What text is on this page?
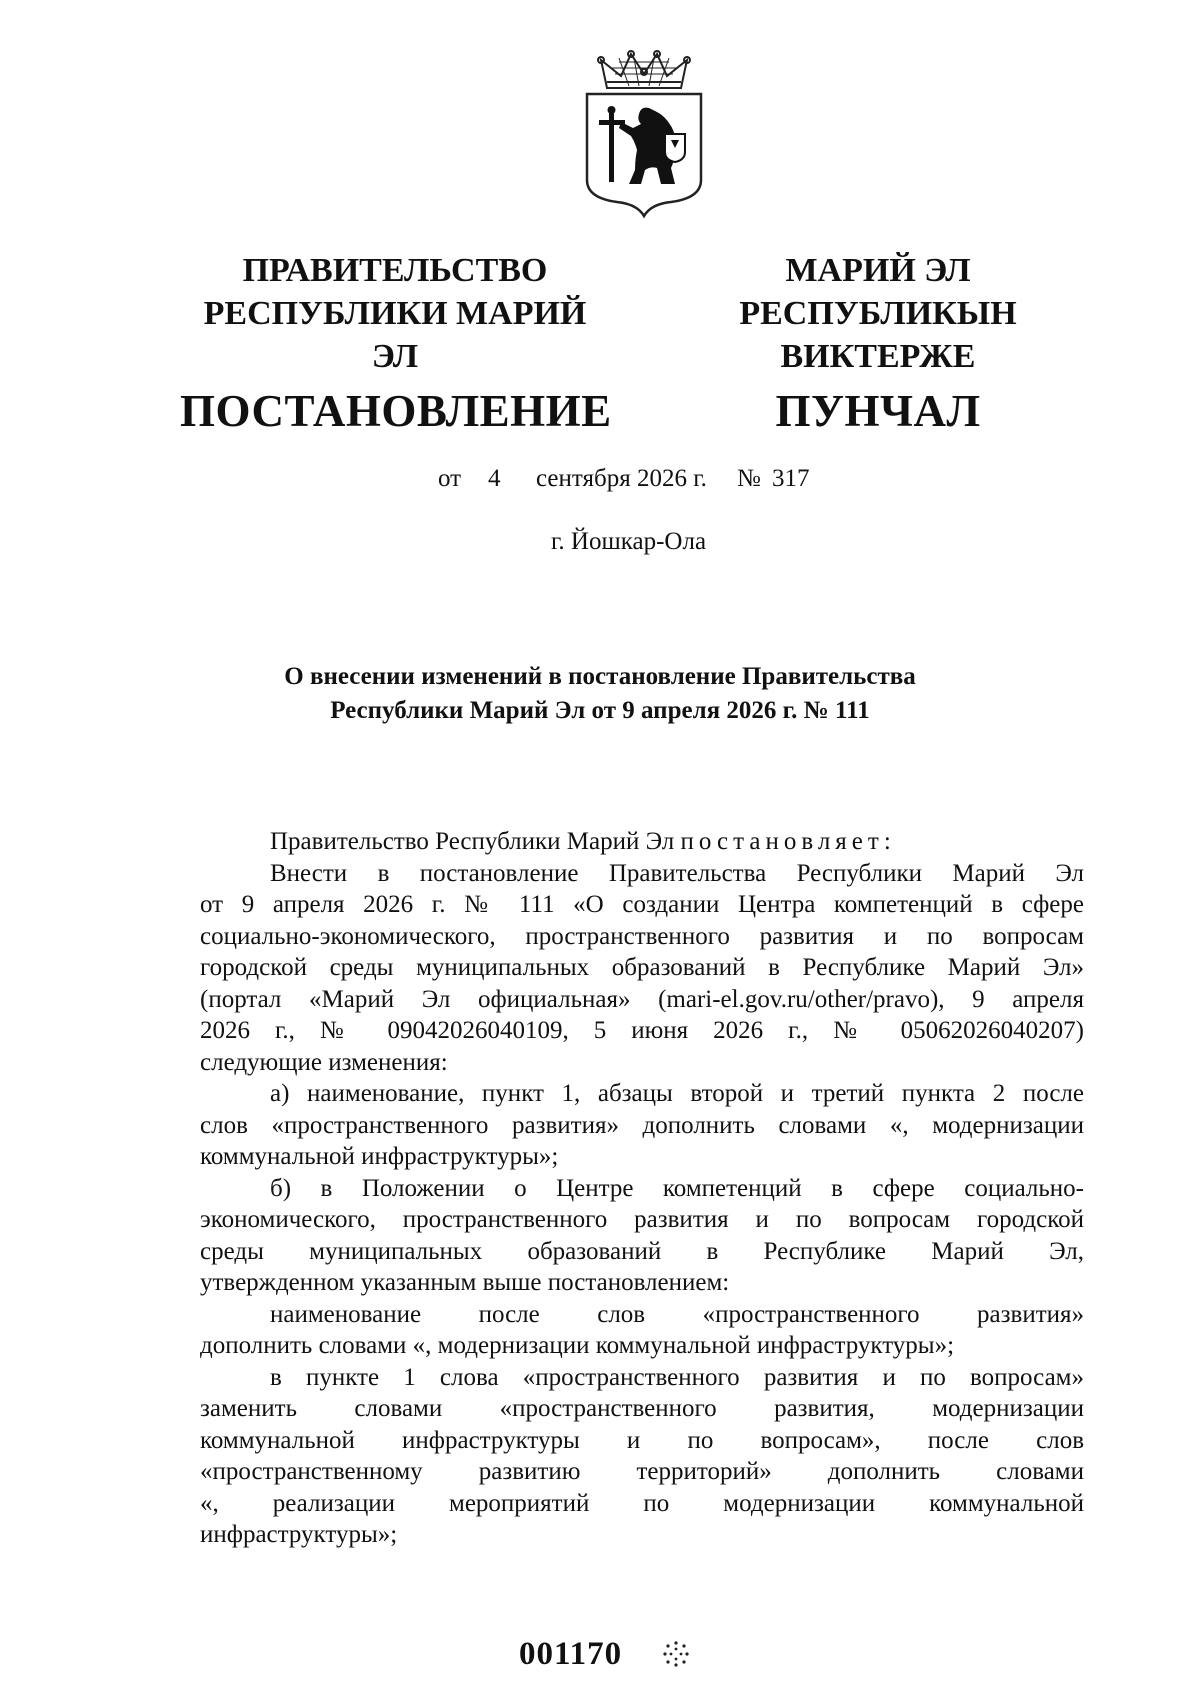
ПРАВИТЕЛЬСТВО
РЕСПУБЛИКИ МАРИЙ ЭЛ
ПОСТАНОВЛЕНИЕ
МАРИЙ ЭЛ РЕСПУБЛИКЫН
ВИКТЕРЖЕ
ПУНЧАЛ
от 4 сентября 2026 г. № 317
г. Йошкар-Ола
О внесении изменений в постановление Правительства
Республики Марий Эл от 9 апреля 2026 г. № 111

Правительство Республики Марий Эл постановляет:

Внести в постановление Правительства Республики Марий Эл

от 9 апреля 2026 г. № 111 «О создании Центра компетенций в сфере

социально-экономического, пространственного развития и по вопросам

городской среды муниципальных образований в Республике Марий Эл»

(портал «Марий Эл официальная» (mari-el.gov.ru/other/pravo), 9 апреля

2026 г., № 09042026040109, 5 июня 2026 г., № 05062026040207)

следующие изменения:

а) наименование, пункт 1, абзацы второй и третий пункта 2 после

слов «пространственного развития» дополнить словами «, модернизации

коммунальной инфраструктуры»;

б) в Положении о Центре компетенций в сфере социально-

экономического, пространственного развития и по вопросам городской

среды муниципальных образований в Республике Марий Эл,

утвержденном указанным выше постановлением:

наименование после слов «пространственного развития»

дополнить словами «, модернизации коммунальной инфраструктуры»;

в пункте 1 слова «пространственного развития и по вопросам»

заменить словами «пространственного развития, модернизации

коммунальной инфраструктуры и по вопросам», после слов

«пространственному развитию территорий» дополнить словами

«, реализации мероприятий по модернизации коммунальной

инфраструктуры»;

001170
